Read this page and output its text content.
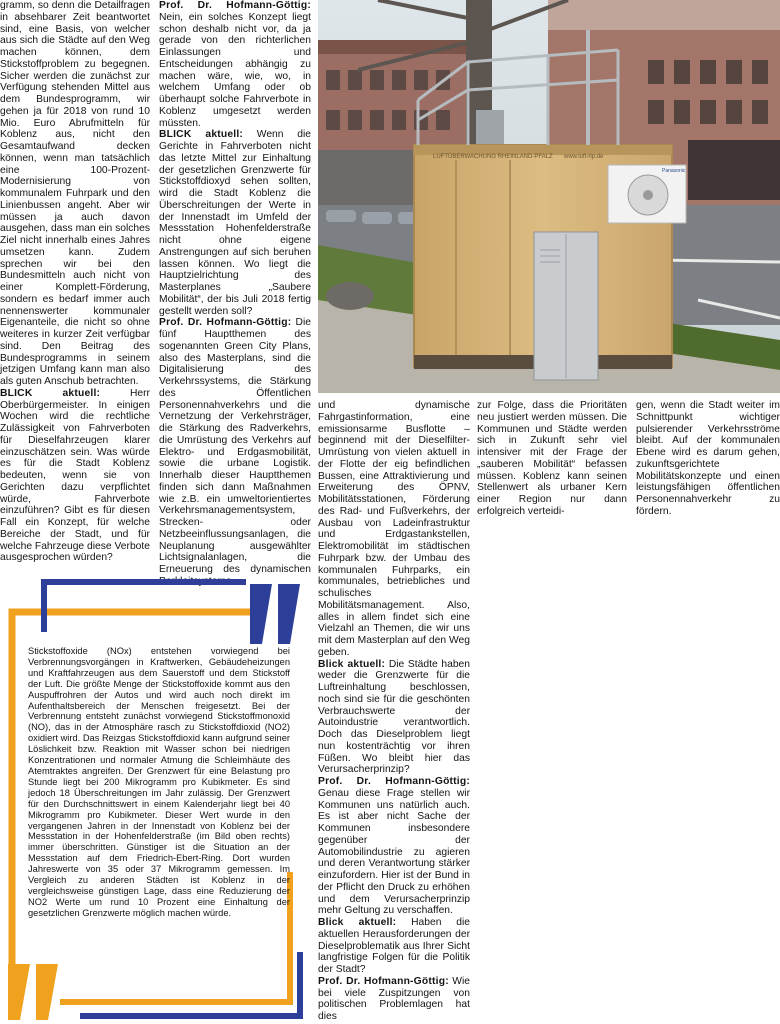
gramm, so denn die Detailfragen in absehbarer Zeit beantwortet sind, eine Basis, von welcher aus sich die Städte auf den Weg machen können, dem Stickstoffproblem zu begegnen. Sicher werden die zunächst zur Verfügung stehenden Mittel aus dem Bundesprogramm, wir gehen ja für 2018 von rund 10 Mio. Euro Abrufmitteln für Koblenz aus, nicht den Gesamtaufwand decken können, wenn man tatsächlich eine 100-Prozent-Modernisierung von kommunalem Fuhrpark und den Linienbussen angeht. Aber wir müssen ja auch davon ausgehen, dass man ein solches Ziel nicht innerhalb eines Jahres umsetzen kann. Zudem sprechen wir bei den Bundesmitteln auch nicht von einer Komplett-Förderung, sondern es bedarf immer auch nennenswerter kommunaler Eigenanteile, die nicht so ohne weiteres in kurzer Zeit verfügbar sind. Den Beitrag des Bundesprogramms in seinem jetzigen Umfang kann man also als guten Anschub betrachten.

BLICK aktuell:	Herr Oberbürgermeister. In einigen Wochen wird die rechtliche Zulässigkeit von Fahrverboten für Dieselfahrzeugen klarer einzuschätzen sein. Was würde es für die Stadt Koblenz bedeuten, wenn sie von Gerichten dazu verpflichtet würde, Fahrverbote einzuführen? Gibt es für diesen Fall ein Konzept, für welche Bereiche der Stadt, und für welche Fahrzeuge diese Verbote ausgesprochen würden?

Prof. Dr. Hofmann-Göttig: Nein, ein solches Konzept liegt schon deshalb nicht vor, da ja gerade von den richterlichen Einlassungen und Entscheidungen abhängig zu machen wäre, wie, wo, in welchem Umfang oder ob überhaupt solche Fahrverbote in Koblenz umgesetzt werden müssten.

BLICK aktuell: Wenn die Gerichte in Fahrverboten nicht das letzte Mittel zur Einhaltung der gesetzlichen Grenzwerte für Stickstoffdioxyd sehen sollten, wird die Stadt Koblenz die Überschreitungen der Werte in der Innenstadt im Umfeld der Messstation Hohenfelderstraße nicht ohne eigene Anstrengungen auf sich beruhen lassen können. Wo liegt die Hauptzielrichtung des Masterplanes „Saubere Mobilität“, der bis Juli 2018 fertig gestellt werden soll?

Prof. Dr. Hofmann-Göttig: Die fünf Hauptthemen des sogenannten Green City Plans, also des Masterplans, sind die Digitalisierung des Verkehrssystems, die Stärkung des Öffentlichen Personennahverkehrs und die Vernetzung der Verkehrsträger, die Stärkung des Radverkehrs, die Umrüstung des Verkehrs auf Elektro- und Erdgasmobilität, sowie die urbane Logistik. Innerhalb dieser Hauptthemen finden sich dann Maßnahmen wie z.B. ein umweltorientiertes Verkehrsmanagementsystem, Strecken- oder Netzbeeinflussungsanlagen, die Neuplanung ausgewählter Lichtsignalanlagen, die Erneuerung des dynamischen Parkleitsystems

LUFTÜBERWACHUNG RHEINLAND-PFALZ www.luft-rlp.de
Panasonic

und dynamische Fahrgastinformation, eine emissionsarme Busflotte – beginnend mit der Dieselfilter-Umrüstung von vielen aktuell in der Flotte der eig befindlichen Bussen, eine Attraktivierung und Erweiterung des ÖPNV, Mobilitätsstationen, Förderung des Rad- und Fußverkehrs, der Ausbau von Ladeinfrastruktur und Erdgastankstellen, Elektromobilität im städtischen Fuhrpark bzw. der Umbau des kommunalen Fuhrparks, ein kommunales, betriebliches und schulisches Mobilitätsmanagement. Also, alles in allem findet sich eine Vielzahl an Themen, die wir uns mit dem Masterplan auf den Weg geben.

Blick aktuell: Die Städte haben weder die Grenzwerte für die Luftreinhaltung beschlossen, noch sind sie für die geschönten Verbrauchswerte der Autoindustrie verantwortlich. Doch das Dieselproblem liegt nun kostenträchtig vor ihren Füßen. Wo bleibt hier das Verursacherprinzip?

Prof. Dr. Hofmann-Göttig: Genau diese Frage stellen wir Kommunen uns natürlich auch. Es ist aber nicht Sache der Kommunen insbesondere gegenüber der Automobilindustrie zu agieren und deren Verantwortung stärker einzufordern. Hier ist der Bund in der Pflicht den Druck zu erhöhen und dem Verursacherprinzip mehr Geltung zu verschaffen.

Blick aktuell: Haben die aktuellen Herausforderungen der Dieselproblematik aus Ihrer Sicht langfristige Folgen für die Politik der Stadt?

Prof. Dr. Hofmann-Göttig: Wie bei viele Zuspitzungen von politischen Problemlagen hat dies

zur Folge, dass die Prioritäten neu justiert werden müssen. Die Kommunen und Städte werden sich in Zukunft sehr viel intensiver mit der Frage der „sauberen Mobilität“ befassen müssen. Koblenz kann seinen Stellenwert als urbaner Kern einer Region nur dann erfolgreich verteidi-

gen, wenn die Stadt weiter im Schnittpunkt wichtiger pulsierender Verkehrsströme bleibt. Auf der kommunalen Ebene wird es darum gehen, zukunftsgerichtete Mobilitätskonzepte und einen leistungsfähigen öffentlichen Personennahverkehr zu fördern.

Stickstoffoxide (NOx) entstehen vorwiegend bei Verbrennungsvorgängen in Kraftwerken, Gebäudeheizungen und Kraftfahrzeugen aus dem Sauerstoff und dem Stickstoff der Luft. Die größte Menge der Stickstoffoxide kommt aus den Auspuffrohren der Autos und wird auch noch direkt im Aufenthaltsbereich der Menschen freigesetzt. Bei der Verbrennung entsteht zunächst vorwiegend Stickstoffmonoxid (NO), das in der Atmosphäre rasch zu Stickstoffdioxid (NO2) oxidiert wird. Das Reizgas Stickstoffdioxid kann aufgrund seiner Löslichkeit bzw. Reaktion mit Wasser schon bei niedrigen Konzentrationen und normaler Atmung die Schleimhäute des Atemtraktes angreifen. Der Grenzwert für eine Belastung pro Stunde liegt bei 200 Mikrogramm pro Kubikmeter. Es sind jedoch 18 Überschreitungen im Jahr zulässig. Der Grenzwert für den Durchschnittswert in einem Kalenderjahr liegt bei 40 Mikrogramm pro Kubikmeter. Dieser Wert wurde in den vergangenen Jahren in der Innenstadt von Koblenz bei der Messstation in der Hohenfelderstraße (im Bild oben rechts) immer überschritten. Günstiger ist die Situation an der Messstation auf dem Friedrich-Ebert-Ring. Dort wurden Jahreswerte von 35 oder 37 Mikrogramm gemessen. Im Vergleich zu anderen Städten ist Koblenz in der vergleichsweise günstigen Lage, dass eine Reduzierung der NO2 Werte um rund 10 Prozent eine Einhaltung der gesetzlichen Grenzwerte möglich machen würde.
